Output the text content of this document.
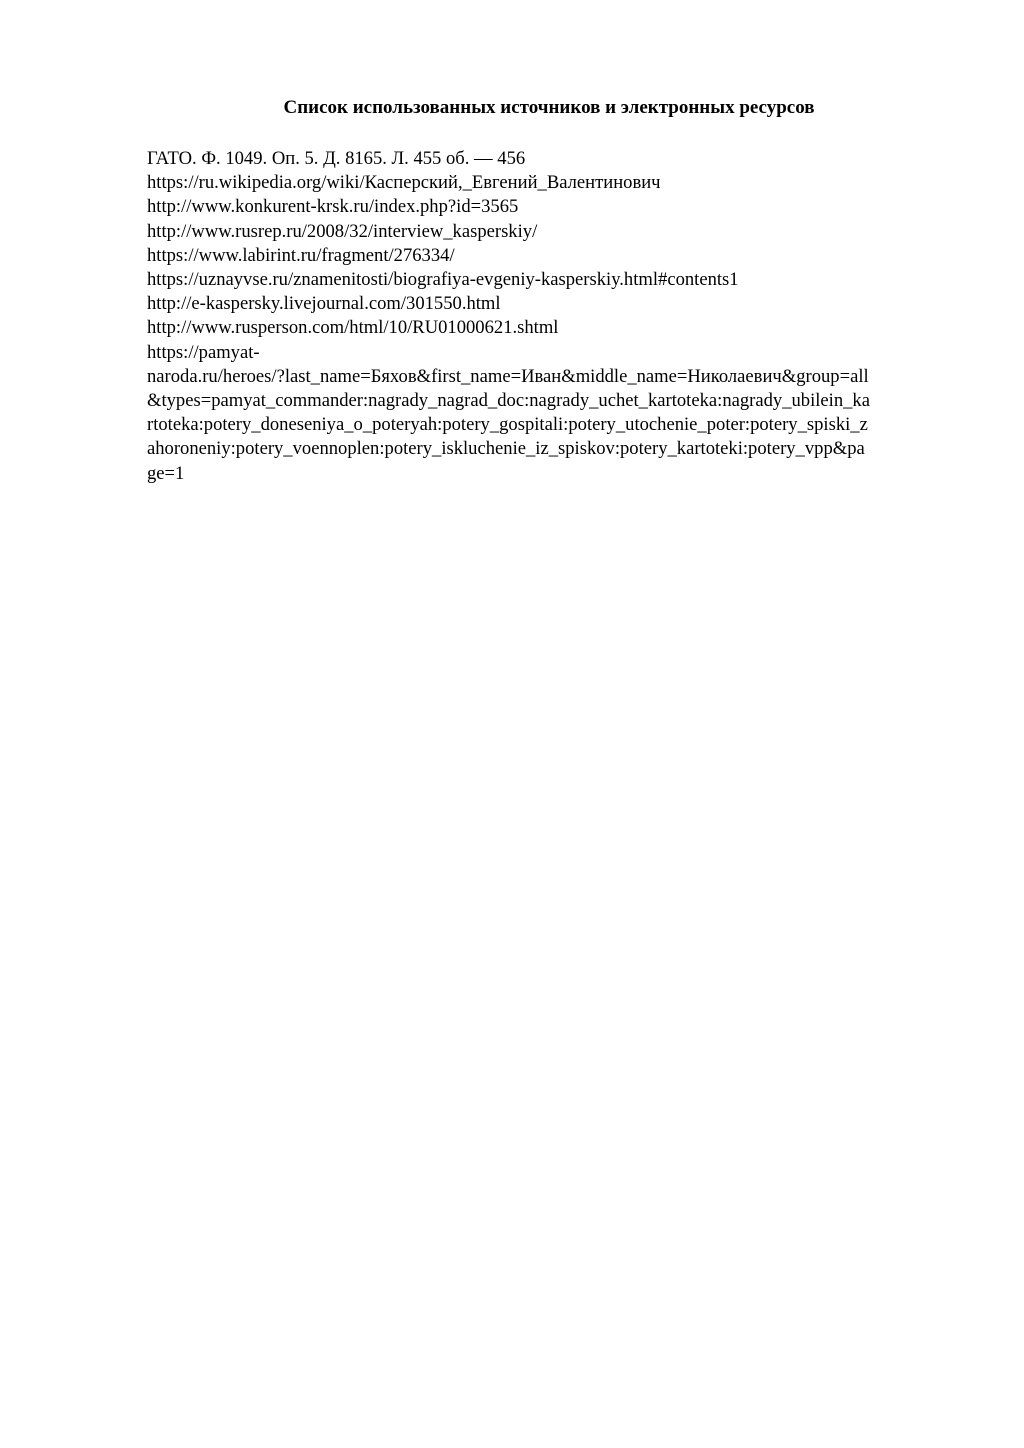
Список использованных источников и электронных ресурсов
ГАТО. Ф. 1049. Оп. 5. Д. 8165. Л. 455 об. — 456
https://ru.wikipedia.org/wiki/Касперский,_Евгений_Валентинович
http://www.konkurent-krsk.ru/index.php?id=3565
http://www.rusrep.ru/2008/32/interview_kasperskiy/
https://www.labirint.ru/fragment/276334/
https://uznayvse.ru/znamenitosti/biografiya-evgeniy-kasperskiy.html#contents1
http://e-kaspersky.livejournal.com/301550.html
http://www.rusperson.com/html/10/RU01000621.shtml
https://pamyat-
naroda.ru/heroes/?last_name=Бяхов&first_name=Иван&middle_name=Николаевич&group=all
&types=pamyat_commander:nagrady_nagrad_doc:nagrady_uchet_kartoteka:nagrady_ubilein_ka
rtoteka:potery_doneseniya_o_poteryah:potery_gospitali:potery_utochenie_poter:potery_spiski_z
ahoroneniy:potery_voennoplen:potery_iskluchenie_iz_spiskov:potery_kartoteki:potery_vpp&pa
ge=1
